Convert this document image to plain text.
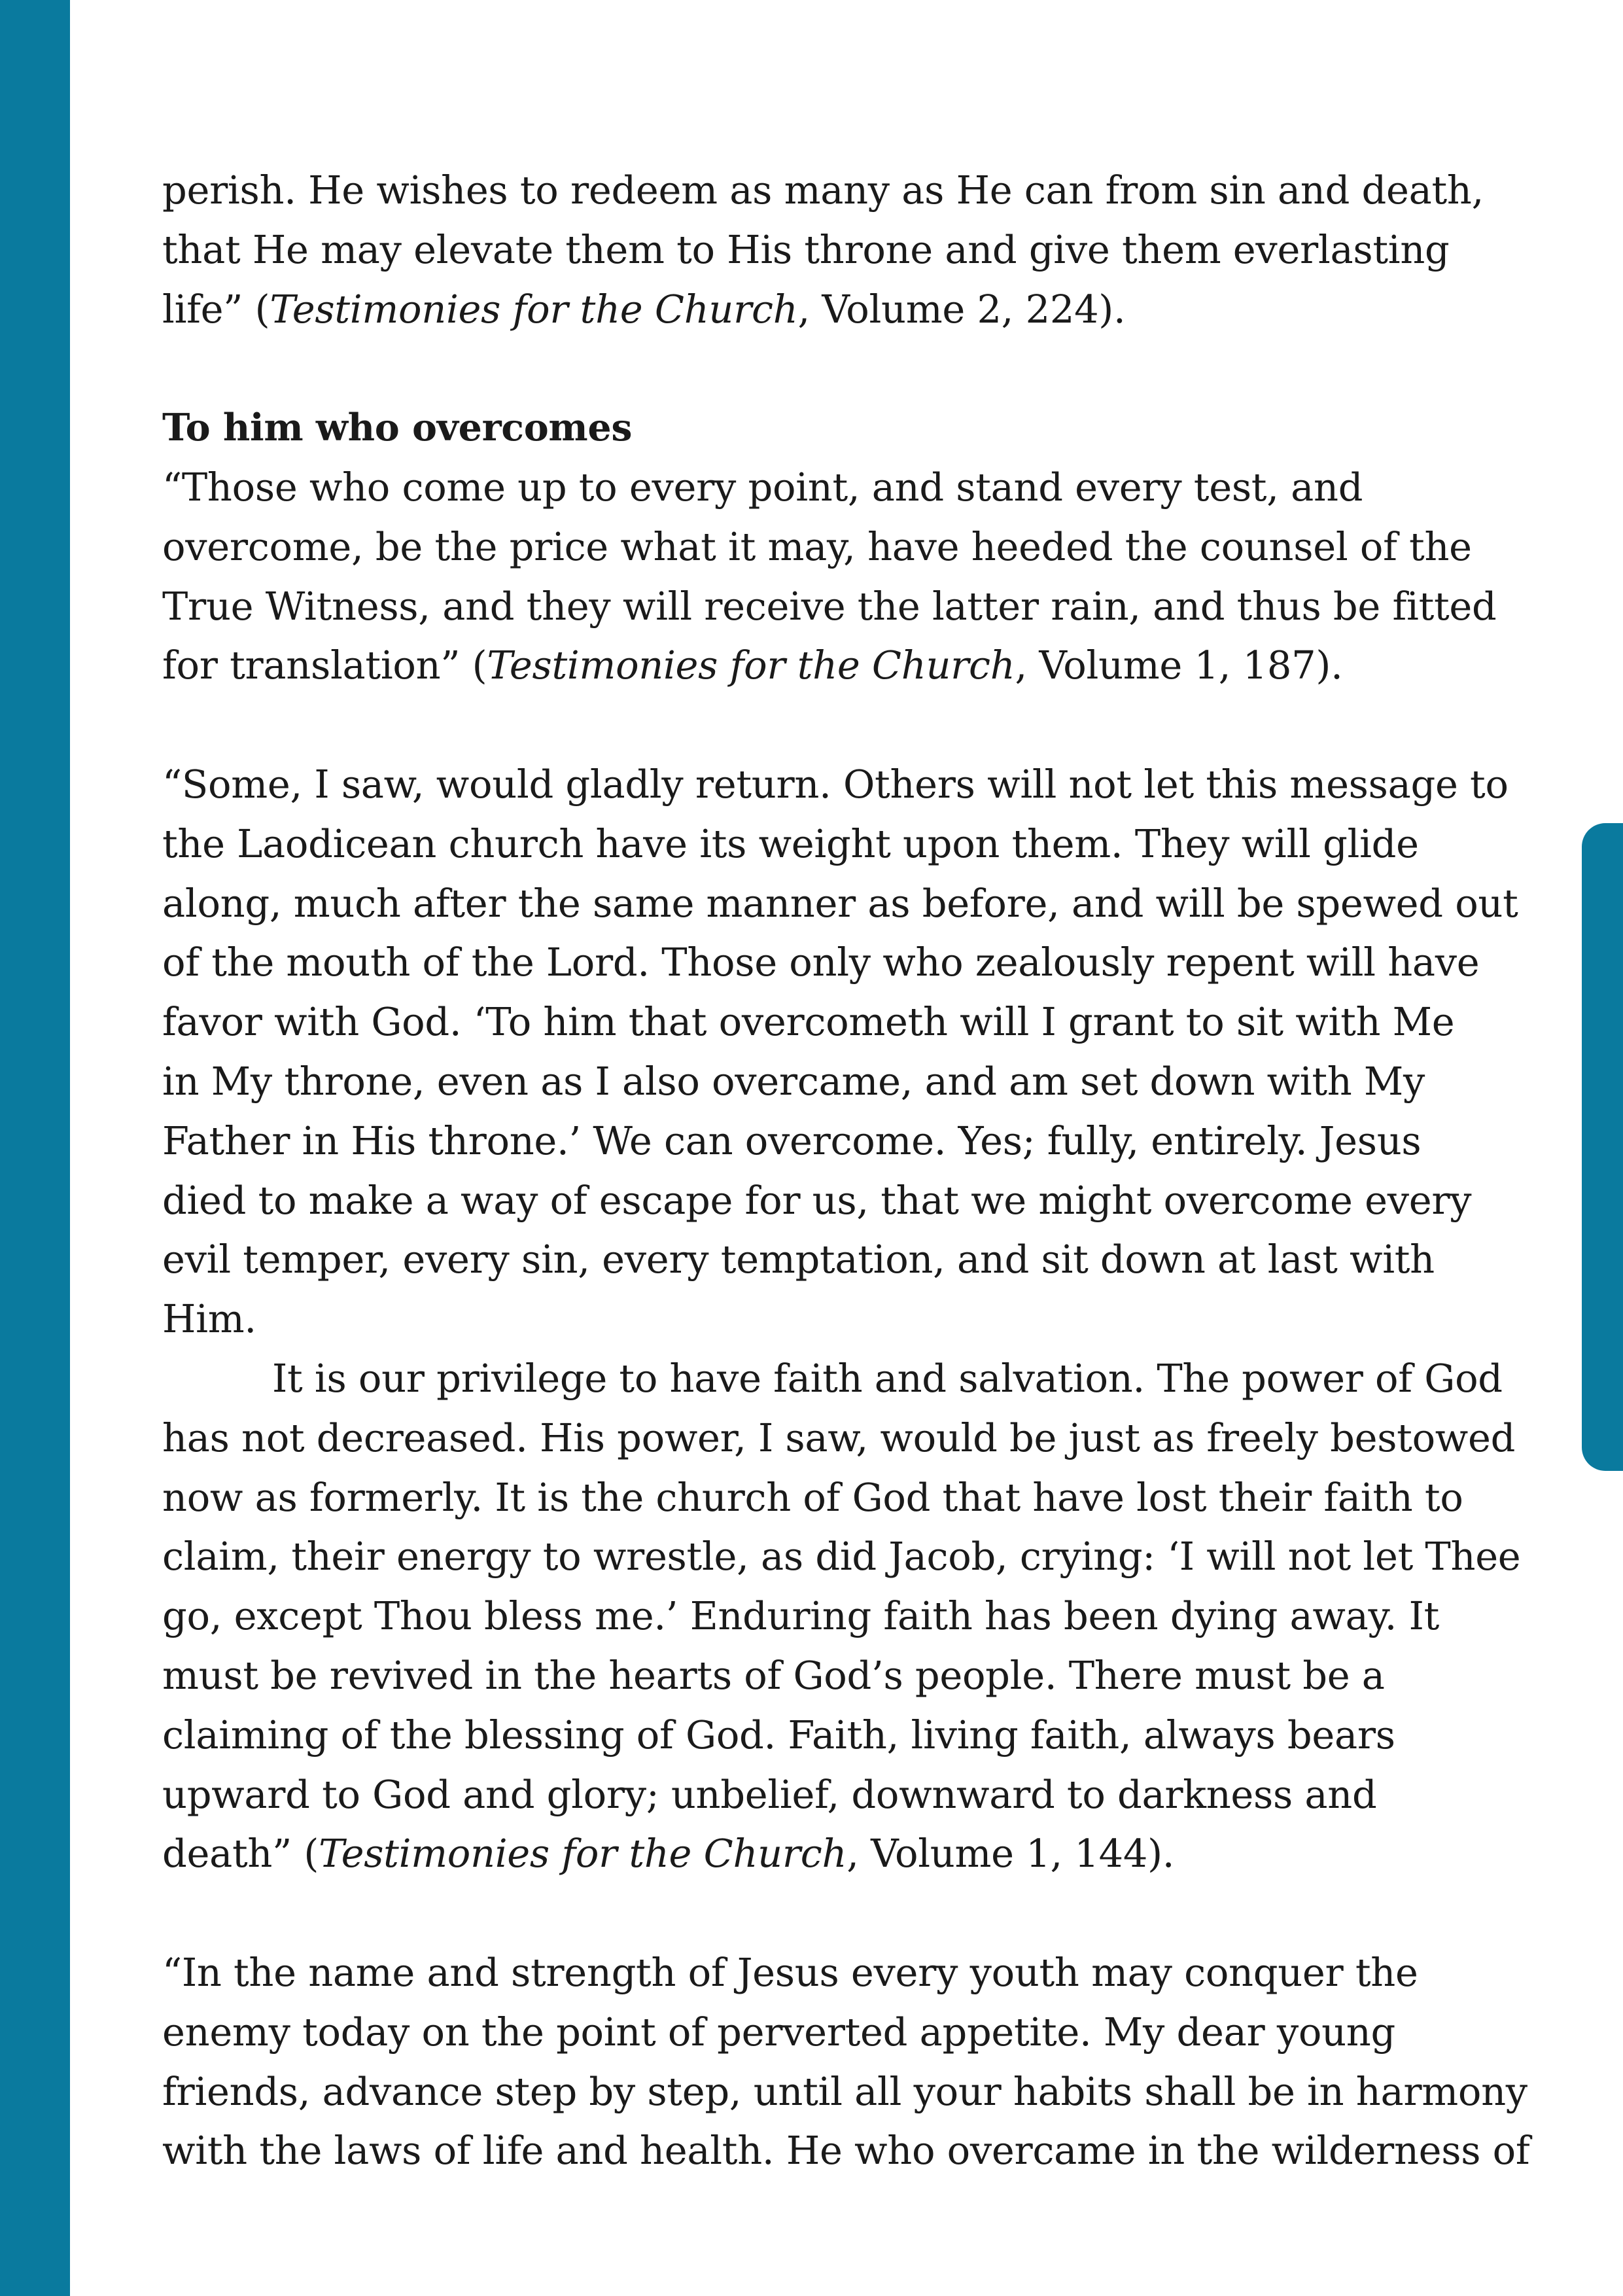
perish. He wishes to redeem as many as He can from sin and death,
that He may elevate them to His throne and give them everlasting
life” (Testimonies for the Church, Volume 2, 224).

To him who overcomes

“Those who come up to every point, and stand every test, and
overcome, be the price what it may, have heeded the counsel of the
True Witness, and they will receive the latter rain, and thus be fitted
for translation” (Testimonies for the Church, Volume 1, 187).

“Some, I saw, would gladly return. Others will not let this message to
the Laodicean church have its weight upon them. They will glide
along, much after the same manner as before, and will be spewed out
of the mouth of the Lord. Those only who zealously repent will have
favor with God. ‘To him that overcometh will I grant to sit with Me
in My throne, even as I also overcame, and am set down with My
Father in His throne.’ We can overcome. Yes; fully, entirely. Jesus
died to make a way of escape for us, that we might overcome every
evil temper, every sin, every temptation, and sit down at last with
Him.

It is our privilege to have faith and salvation. The power of God
has not decreased. His power, I saw, would be just as freely bestowed
now as formerly. It is the church of God that have lost their faith to
claim, their energy to wrestle, as did Jacob, crying: ‘I will not let Thee
go, except Thou bless me.’ Enduring faith has been dying away. It
must be revived in the hearts of God’s people. There must be a
claiming of the blessing of God. Faith, living faith, always bears
upward to God and glory; unbelief, downward to darkness and
death” (Testimonies for the Church, Volume 1, 144).

“In the name and strength of Jesus every youth may conquer the
enemy today on the point of perverted appetite. My dear young
friends, advance step by step, until all your habits shall be in harmony
with the laws of life and health. He who overcame in the wilderness of
